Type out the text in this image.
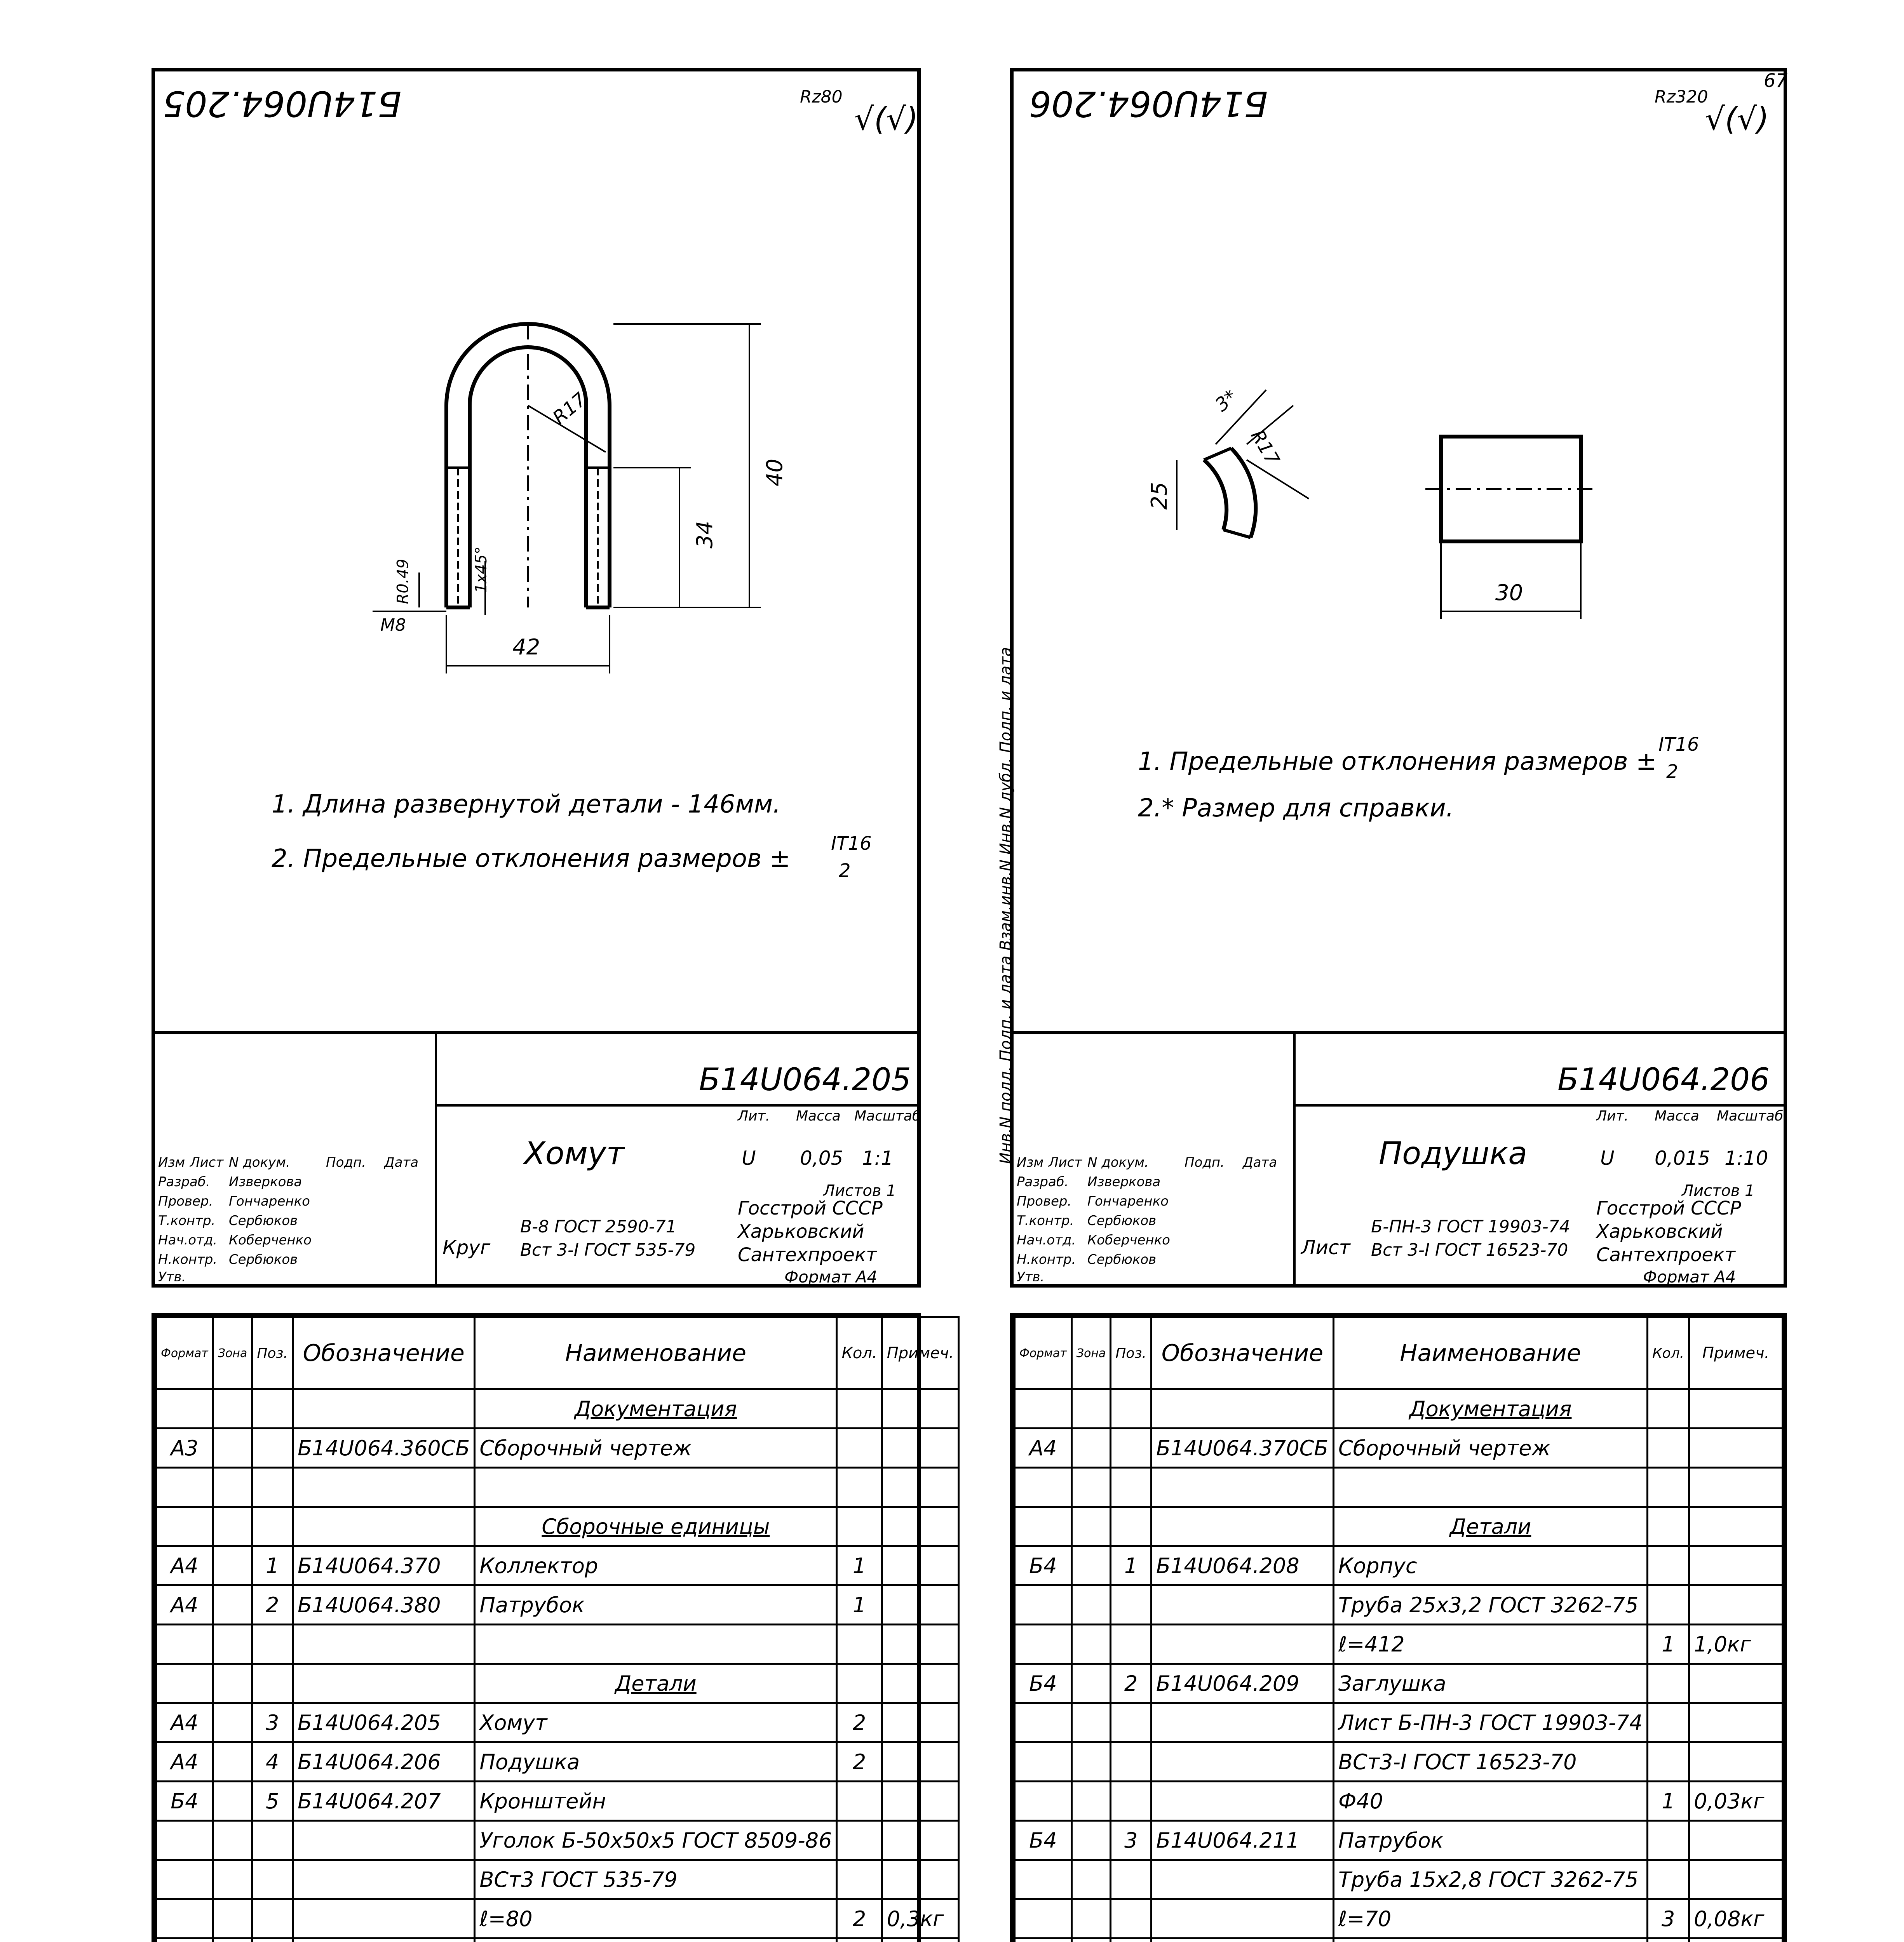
Б14U064.205	Rz80
√(√)
R17
34
40
42
1x45°
R0.49
M8
1. Длина развернутой детали - 146мм.
2. Предельные отклонения размеров ±
IT16
2
Б14U064.205
Хомут
Лит. Масса Масштаб
U 0,05 1:1
Листов 1
Круг
В-8 ГОСТ 2590-71
Вст 3-I ГОСТ 535-79
Госстрой СССР
Харьковский
Сантехпроект
Формат А4
Изм Лист N докум.	Подп. Дата
Разраб. Изверкова
Провер. Гончаренко
Т.контр. Сербюков
Нач.отд. Коберченко
Н.контр. Сербюков
Утв.
Б14U064.206	Rz320
√(√)
25
3*
R17
30
1. Предельные отклонения размеров ±
IT16
2
2.* Размер для справки.
Инв.N подл. Подп. и дата Взам.инв.N Инв.N дубл. Подп. и дата	Б14U064.206
Подушка
Лит. Масса Масштаб
U 0,015 1:10
Листов 1
Лист
Б-ПН-3 ГОСТ 19903-74
Вст 3-I ГОСТ 16523-70
Госстрой СССР
Харьковский
Сантехпроект
Формат А4
Изм Лист N докум.	Подп. Дата
Разраб. Изверкова
Провер. Гончаренко
Т.контр. Сербюков
Нач.отд. Коберченко
Н.контр. Сербюков
Утв.
67
Формат	Зона	Поз.	Обозначение	Наименование	Кол.	Примеч.
				Документация		
А3			Б14U064.360СБ	Сборочный чертеж		

				Сборочные единицы		
А4		1	Б14U064.370	Коллектор	1	
А4		2	Б14U064.380	Патрубок	1	

				Детали		
А4		3	Б14U064.205	Хомут	2	
А4		4	Б14U064.206	Подушка	2	
Б4		5	Б14U064.207	Кронштейн		
				Уголок Б-50х50х5 ГОСТ 8509-86		
				ВСт3 ГОСТ 535-79		
				ℓ=80	2	0,3кг

Формат	Зона	Поз.	Обозначение	Наименование	Кол.	Примеч.
				Документация		
А4			Б14U064.370СБ	Сборочный чертеж		

				Детали		
Б4		1	Б14U064.208	Корпус		
				Труба 25х3,2 ГОСТ 3262-75		
				ℓ=412	1	1,0кг
Б4		2	Б14U064.209	Заглушка		
				Лист Б-ПН-3 ГОСТ 19903-74		
				ВСт3-I ГОСТ 16523-70		
				Ф40	1	0,03кг
Б4		3	Б14U064.211	Патрубок		
				Труба 15х2,8 ГОСТ 3262-75		
				ℓ=70	3	0,08кг
